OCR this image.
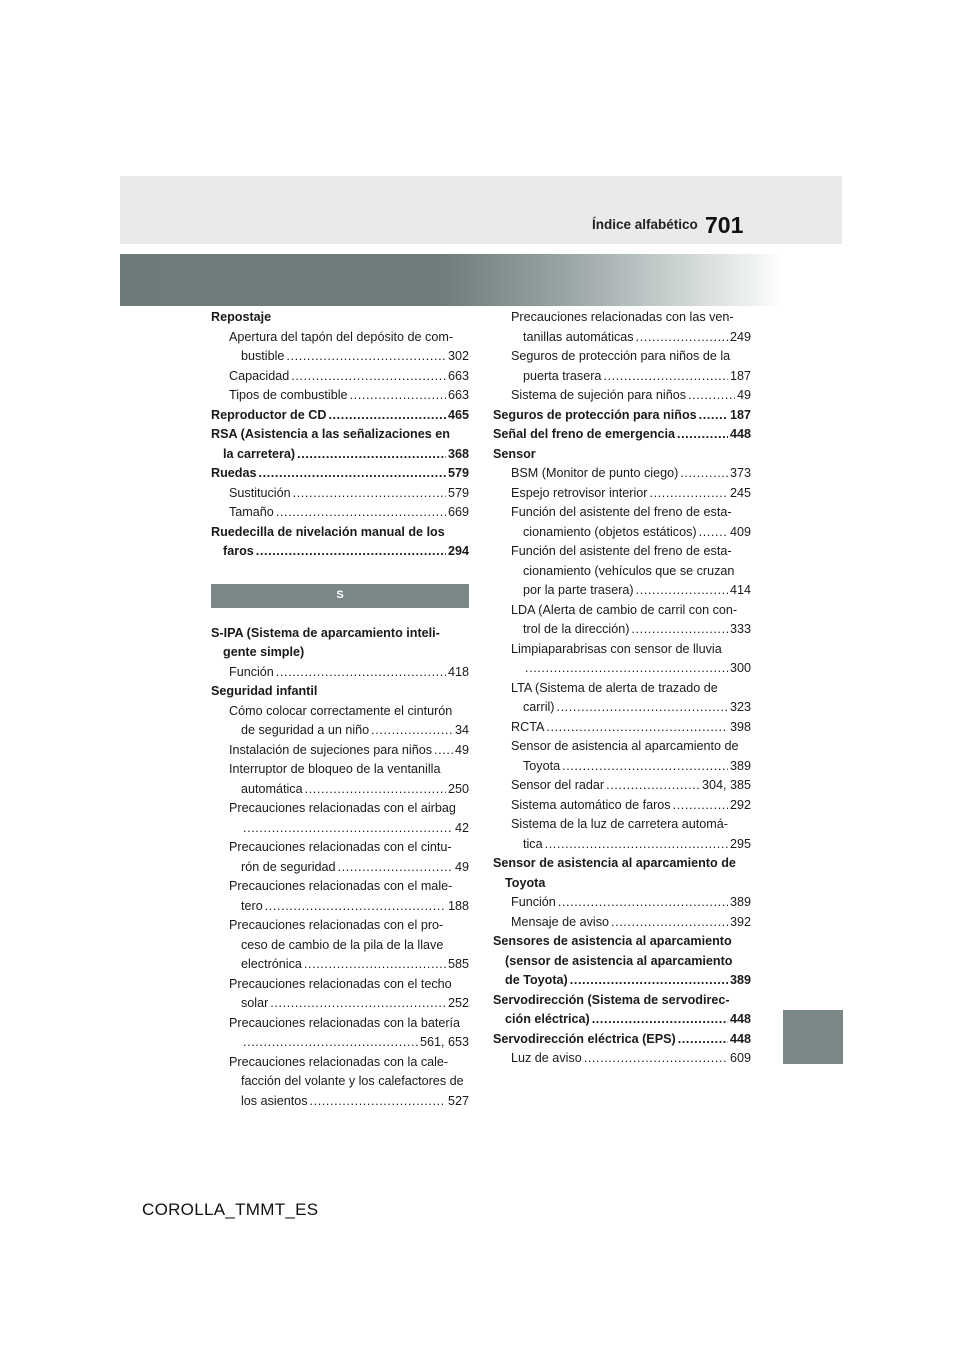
Índice alfabético 701
Repostaje
Apertura del tapón del depósito de com-
bustible .....	302
Capacidad .....	663
Tipos de combustible .....	663
Reproductor de CD .....	465
RSA (Asistencia a las señalizaciones en
la carretera) .....	368
Ruedas .....	579
Sustitución .....	579
Tamaño .....	669
Ruedecilla de nivelación manual de los
faros .....	294
S
S-IPA (Sistema de aparcamiento inteli-
gente simple)
Función .....	418
Seguridad infantil
Cómo colocar correctamente el cinturón
de seguridad a un niño .....	34
Instalación de sujeciones para niños ..... 49
Interruptor de bloqueo de la ventanilla
automática .....	250
Precauciones relacionadas con el airbag
.....
42
Precauciones relacionadas con el cintu-
rón de seguridad .....	49
Precauciones relacionadas con el male-
tero .....	188
Precauciones relacionadas con el pro-
ceso de cambio de la pila de la llave
electrónica .....	585
Precauciones relacionadas con el techo
solar .....	252
Precauciones relacionadas con la batería
.....
561, 653
Precauciones relacionadas con la cale-
facción del volante y los calefactores de
los asientos .....	527
Precauciones relacionadas con las ven-
tanillas automáticas .....	249
Seguros de protección para niños de la
puerta trasera .....	187
Sistema de sujeción para niños .....	49
Seguros de protección para niños .....	187
Señal del freno de emergencia .....	448
Sensor
BSM (Monitor de punto ciego) .....	373
Espejo retrovisor interior .....	245
Función del asistente del freno de esta-
cionamiento (objetos estáticos) .....	409
Función del asistente del freno de esta-
cionamiento (vehículos que se cruzan
por la parte trasera) .....	414
LDA (Alerta de cambio de carril con con-
trol de la dirección) .....	333
Limpiaparabrisas con sensor de lluvia
.....
300
LTA (Sistema de alerta de trazado de
carril) .....	323
RCTA .....	398
Sensor de asistencia al aparcamiento de
Toyota .....	389
Sensor del radar .....	304, 385
Sistema automático de faros .....	292
Sistema de la luz de carretera automá-
tica .....	295
Sensor de asistencia al aparcamiento de
Toyota
Función .....	389
Mensaje de aviso .....	392
Sensores de asistencia al aparcamiento
(sensor de asistencia al aparcamiento
de Toyota) .....	389
Servodirección (Sistema de servodirec-
ción eléctrica) .....	448
Servodirección eléctrica (EPS) .....	448
Luz de aviso .....	609
COROLLA_TMMT_ES
